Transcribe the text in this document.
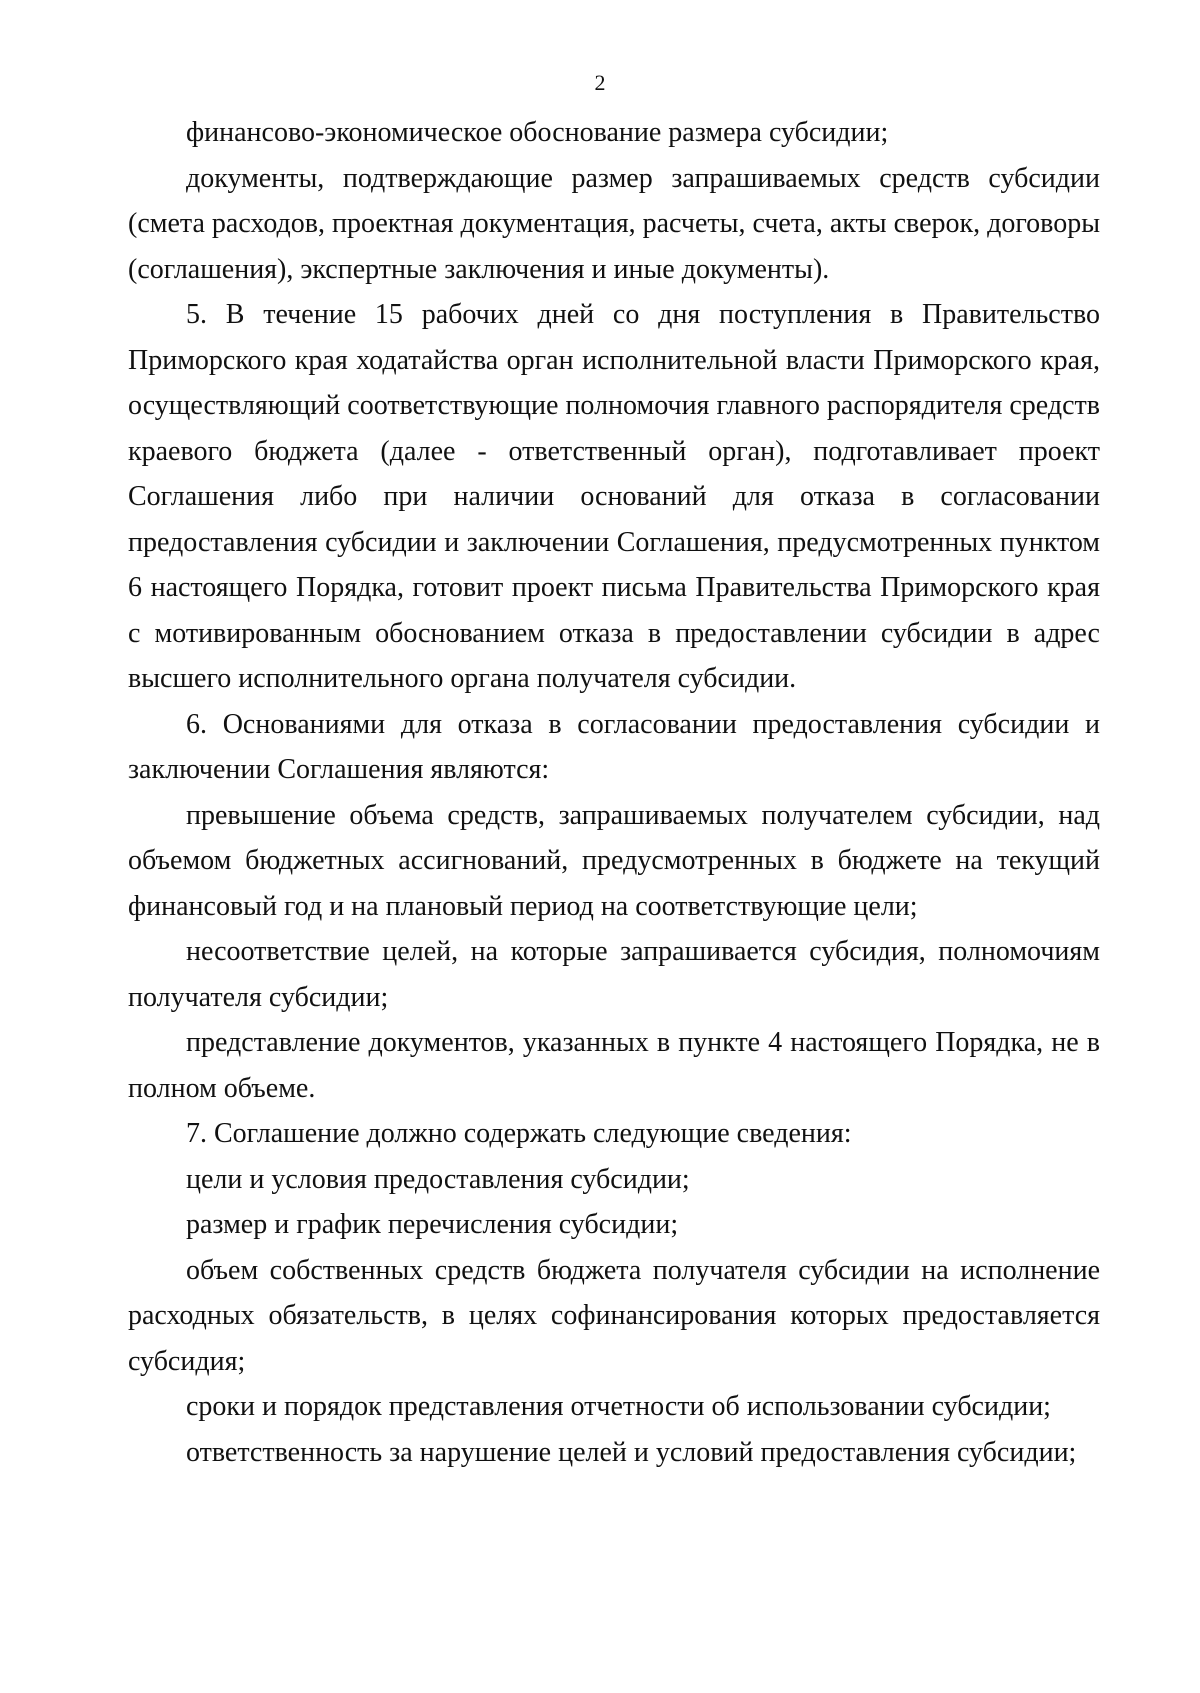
2

финансово-экономическое обоснование размера субсидии;

документы, подтверждающие размер запрашиваемых средств субсидии (смета расходов, проектная документация, расчеты, счета, акты сверок, договоры (соглашения), экспертные заключения и иные документы).

5. В течение 15 рабочих дней со дня поступления в Правительство Приморского края ходатайства орган исполнительной власти Приморского края, осуществляющий соответствующие полномочия главного распорядителя средств краевого бюджета (далее - ответственный орган), подготавливает проект Соглашения либо при наличии оснований для отказа в согласовании предоставления субсидии и заключении Соглашения, предусмотренных пунктом 6 настоящего Порядка, готовит проект письма Правительства Приморского края с мотивированным обоснованием отказа в предоставлении субсидии в адрес высшего исполнительного органа получателя субсидии.

6. Основаниями для отказа в согласовании предоставления субсидии и заключении Соглашения являются:

превышение объема средств, запрашиваемых получателем субсидии, над объемом бюджетных ассигнований, предусмотренных в бюджете на текущий финансовый год и на плановый период на соответствующие цели;

несоответствие целей, на которые запрашивается субсидия, полномочиям получателя субсидии;

представление документов, указанных в пункте 4 настоящего Порядка, не в полном объеме.

7. Соглашение должно содержать следующие сведения:

цели и условия предоставления субсидии;

размер и график перечисления субсидии;

объем собственных средств бюджета получателя субсидии на исполнение расходных обязательств, в целях софинансирования которых предоставляется субсидия;

сроки и порядок представления отчетности об использовании субсидии;

ответственность за нарушение целей и условий предоставления субсидии;
